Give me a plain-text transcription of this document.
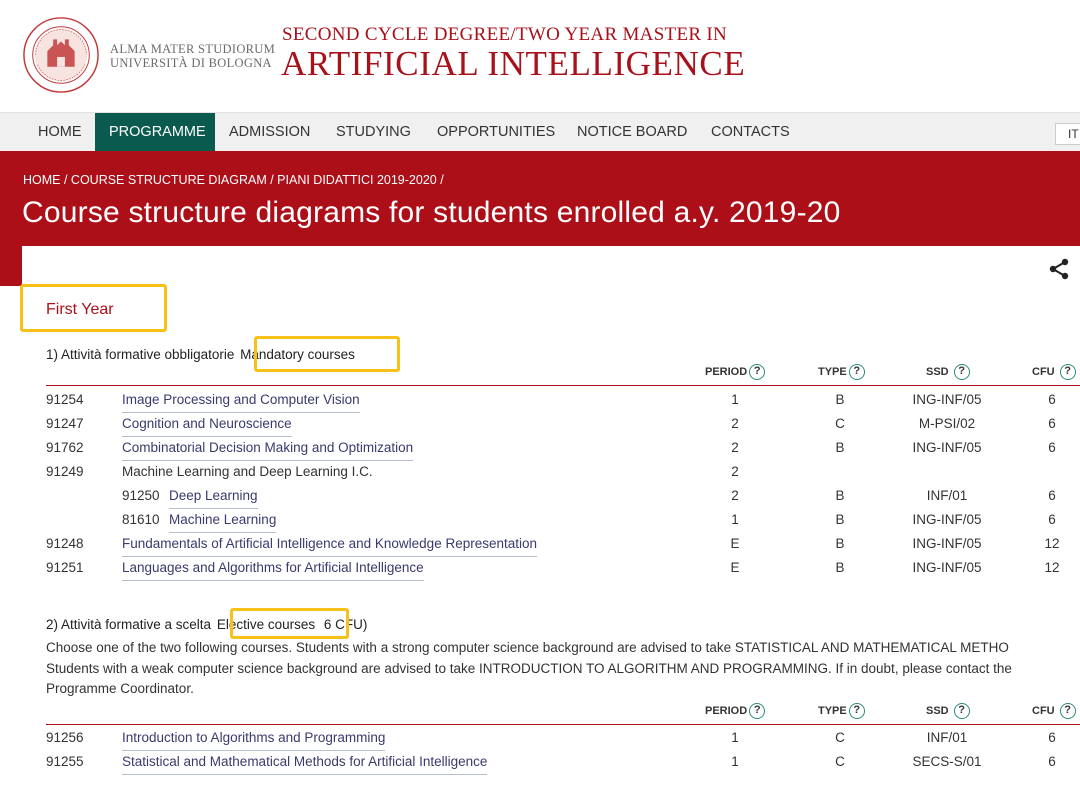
ALMA MATER STUDIORUM
UNIVERSITÀ DI BOLOGNA
SECOND CYCLE DEGREE/TWO YEAR MASTER IN
ARTIFICIAL INTELLIGENCE
HOME	PROGRAMME	ADMISSION	STUDYING	OPPORTUNITIES	NOTICE BOARD	CONTACTS	IT
HOME / COURSE STRUCTURE DIAGRAM / PIANI DIDATTICI 2019-2020 /
Course structure diagrams for students enrolled a.y. 2019-20
First Year
1) Attività formative obbligatorie Mandatory courses
PERIOD ?	TYPE ?	SSD ?	CFU ?
91254	Image Processing and Computer Vision	1	B	ING-INF/05	6
91247	Cognition and Neuroscience	2	C	M-PSI/02	6
91762	Combinatorial Decision Making and Optimization	2	B	ING-INF/05	6
91249	Machine Learning and Deep Learning I.C.	2
91250 Deep Learning	2	B	INF/01	6
81610 Machine Learning	1	B	ING-INF/05	6
91248	Fundamentals of Artificial Intelligence and Knowledge Representation	E	B	ING-INF/05	12
91251	Languages and Algorithms for Artificial Intelligence	E	B	ING-INF/05	12
2) Attività formative a scelta Elective courses 6 CFU)
Choose one of the two following courses. Students with a strong computer science background are advised to take STATISTICAL AND MATHEMATICAL METHO
Students with a weak computer science background are advised to take INTRODUCTION TO ALGORITHM AND PROGRAMMING. If in doubt, please contact the
Programme Coordinator.
PERIOD ?	TYPE ?	SSD ?	CFU ?
91256	Introduction to Algorithms and Programming	1	C	INF/01	6
91255	Statistical and Mathematical Methods for Artificial Intelligence	1	C	SECS-S/01	6
